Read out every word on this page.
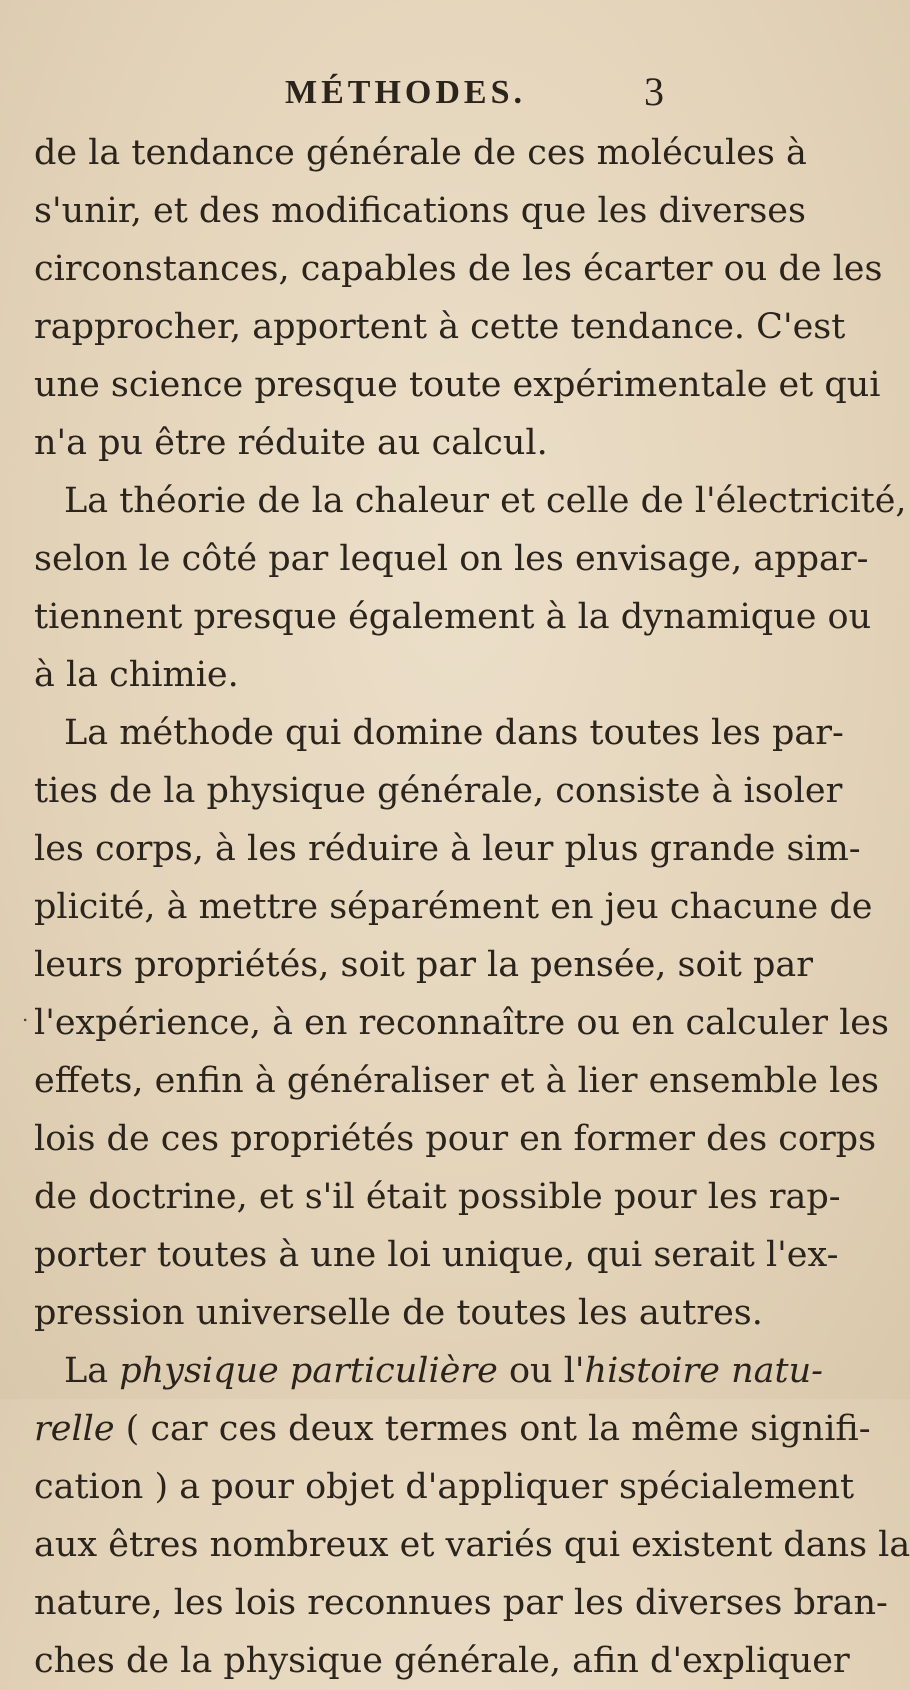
MÉTHODES.	3
.
de la tendance générale de ces molécules à
s'unir, et des modifications que les diverses
circonstances, capables de les écarter ou de les
rapprocher, apportent à cette tendance. C'est
une science presque toute expérimentale et qui
n'a pu être réduite au calcul.
La théorie de la chaleur et celle de l'électricité,
selon le côté par lequel on les envisage, appar-
tiennent presque également à la dynamique ou
à la chimie.
La méthode qui domine dans toutes les par-
ties de la physique générale, consiste à isoler
les corps, à les réduire à leur plus grande sim-
plicité, à mettre séparément en jeu chacune de
leurs propriétés, soit par la pensée, soit par
l'expérience, à en reconnaître ou en calculer les
effets, enfin à généraliser et à lier ensemble les
lois de ces propriétés pour en former des corps
de doctrine, et s'il était possible pour les rap-
porter toutes à une loi unique, qui serait l'ex-
pression universelle de toutes les autres.
La physique particulière ou l'histoire natu-
relle ( car ces deux termes ont la même signifi-
cation ) a pour objet d'appliquer spécialement
aux êtres nombreux et variés qui existent dans la
nature, les lois reconnues par les diverses bran-
ches de la physique générale, afin d'expliquer
